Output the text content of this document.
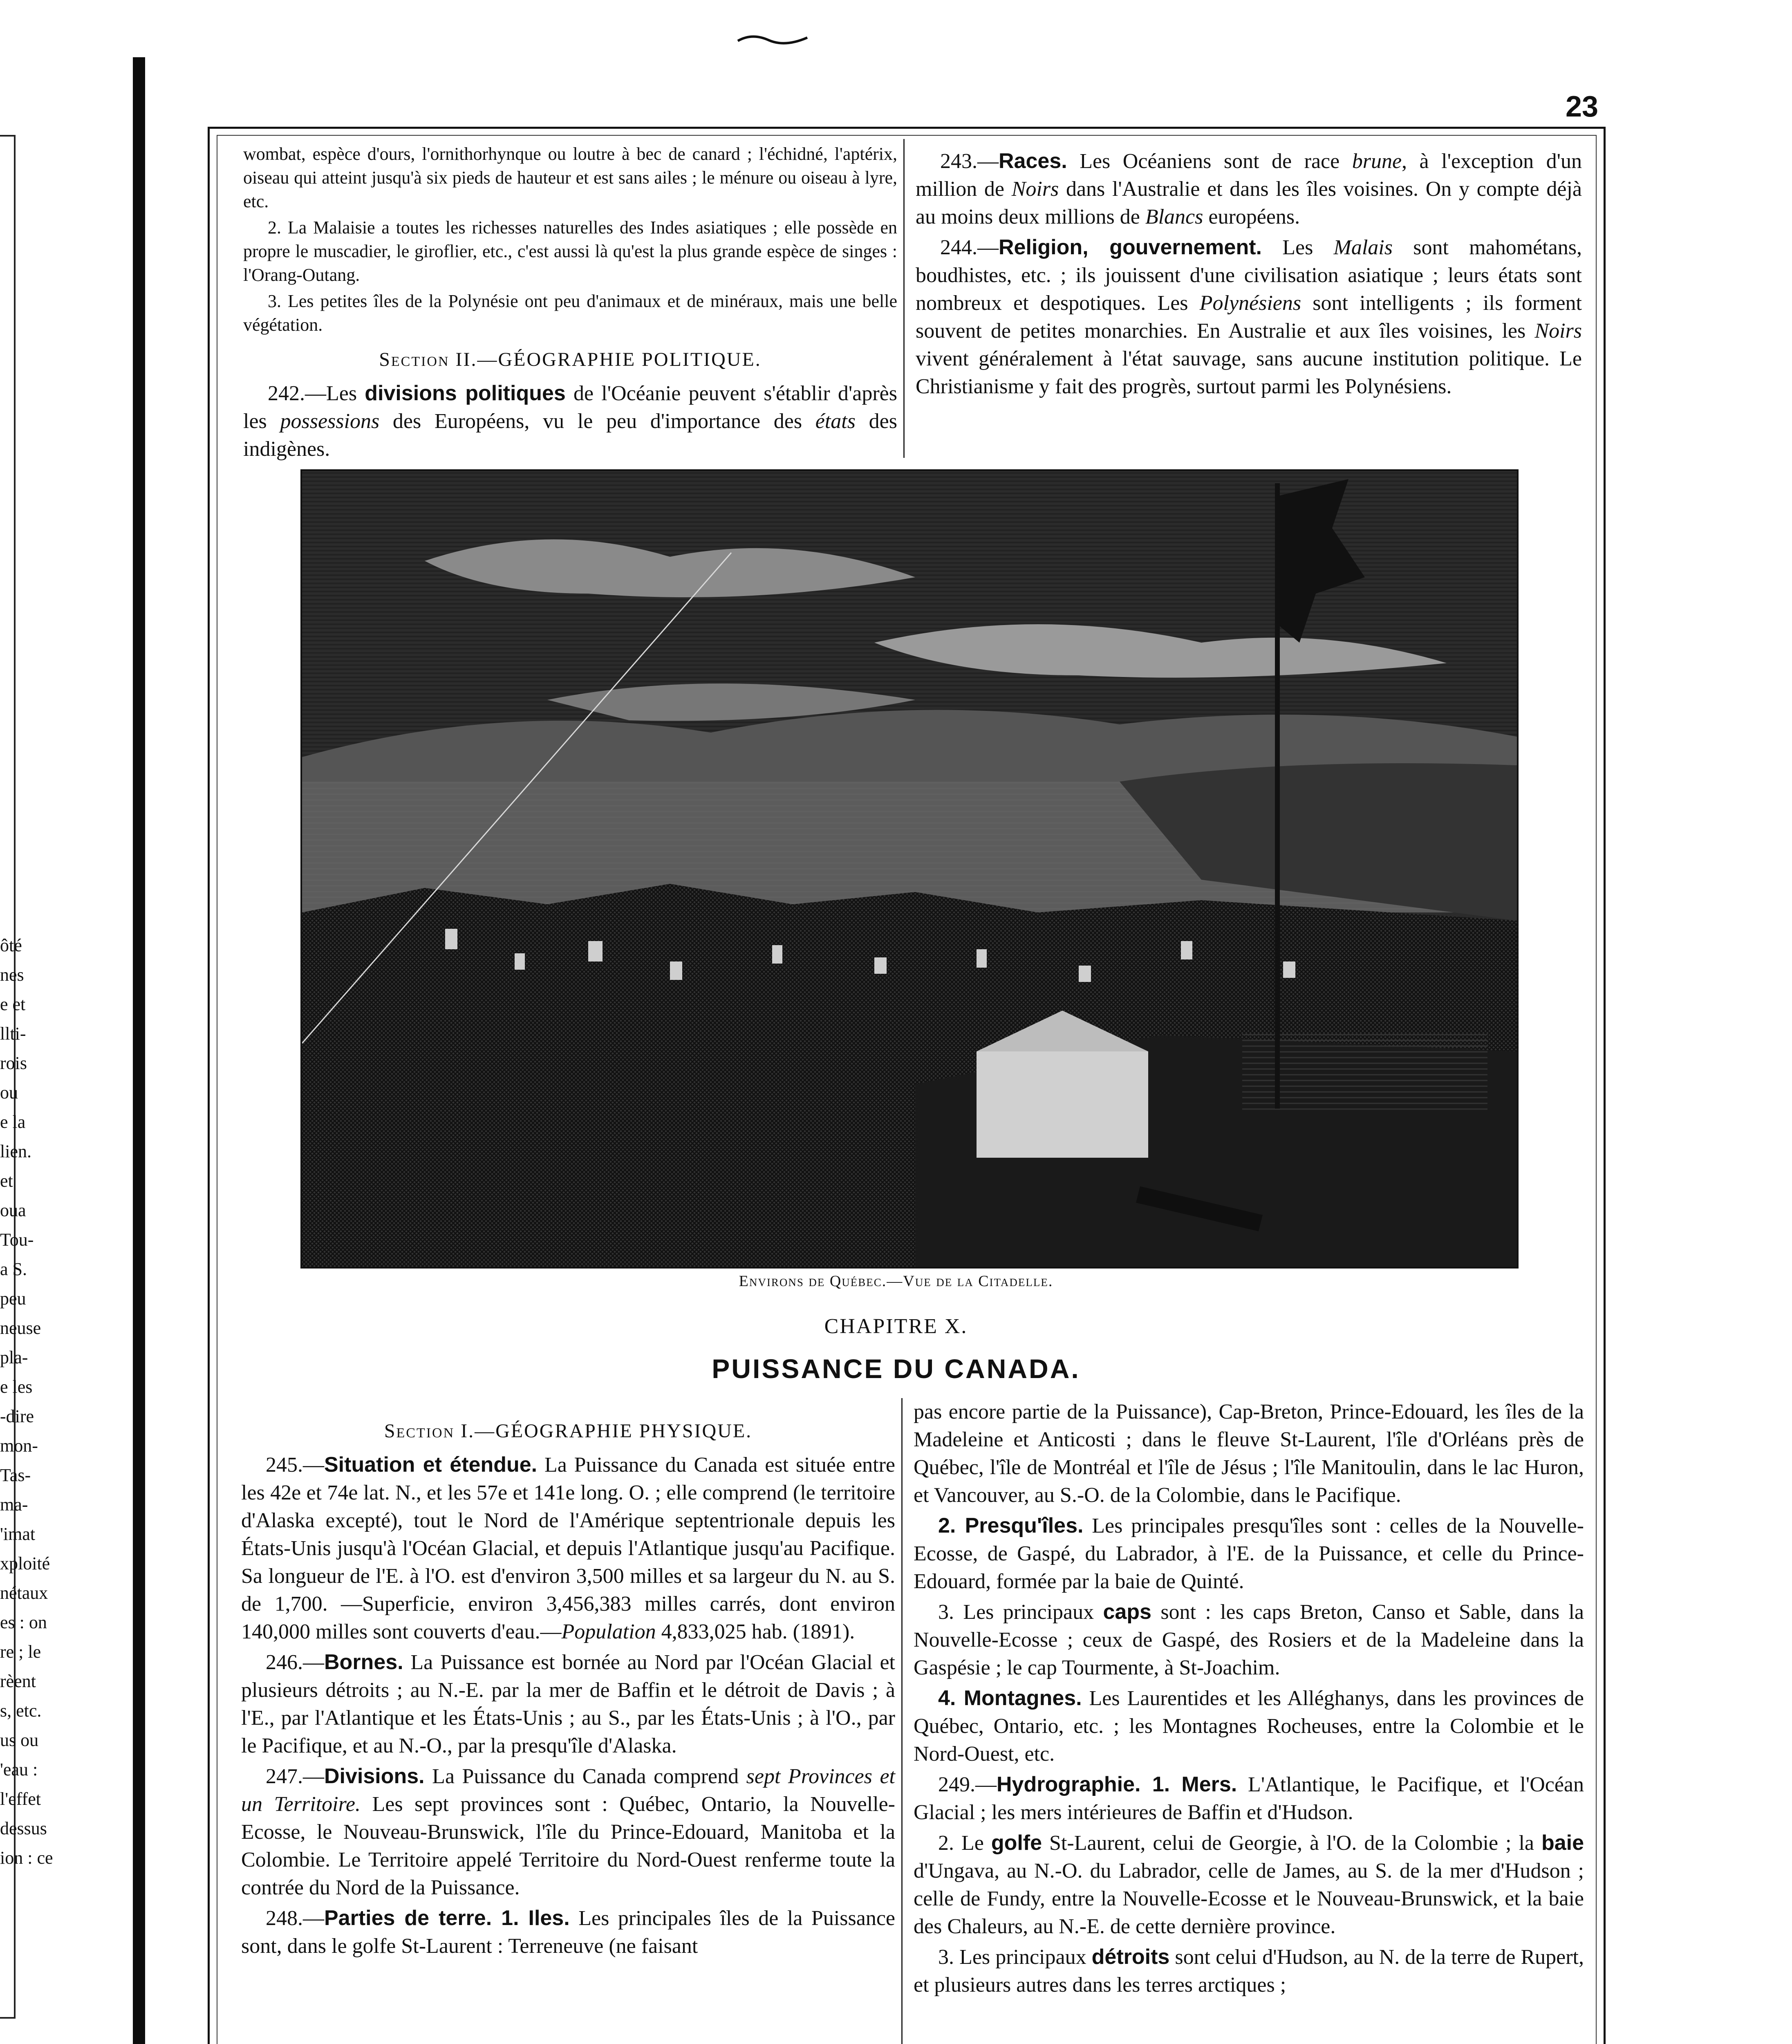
23
ôté
nes
e et
llti-
rois
ou
e la
lien.
et
oua
Tou-
a S.
peu
neuse
pla-
e les
-dire
mon-
Tas-
ma-
'imat
xploité
nétaux
es : on
re ; le
rèent
s, etc.
us ou
'eau :
l'effet
dessus
ion : ce

wombat, espèce d'ours, l'ornithorhynque ou loutre à bec de canard ; l'échidné, l'aptérix, oiseau qui atteint jusqu'à six pieds de hauteur et est sans ailes ; le ménure ou oiseau à lyre, etc.

2. La Malaisie a toutes les richesses naturelles des Indes asiatiques ; elle possède en propre le muscadier, le giroflier, etc., c'est aussi là qu'est la plus grande espèce de singes : l'Orang-Outang.

3. Les petites îles de la Polynésie ont peu d'animaux et de minéraux, mais une belle végétation.

Section II.—GÉOGRAPHIE POLITIQUE.

242.—Les divisions politiques de l'Océanie peuvent s'établir d'après les possessions des Européens, vu le peu d'importance des états des indigènes.

243.—Races. Les Océaniens sont de race brune, à l'exception d'un million de Noirs dans l'Australie et dans les îles voisines. On y compte déjà au moins deux millions de Blancs européens.

244.—Religion, gouvernement. Les Malais sont mahométans, boudhistes, etc. ; ils jouissent d'une civilisation asiatique ; leurs états sont nombreux et despotiques. Les Polynésiens sont intelligents ; ils forment souvent de petites monarchies. En Australie et aux îles voisines, les Noirs vivent généralement à l'état sauvage, sans aucune institution politique. Le Christianisme y fait des progrès, surtout parmi les Polynésiens.

Environs de Québec.—Vue de la Citadelle.
CHAPITRE X.
PUISSANCE DU CANADA.
Section I.—GÉOGRAPHIE PHYSIQUE.

245.—Situation et étendue. La Puissance du Canada est située entre les 42e et 74e lat. N., et les 57e et 141e long. O. ; elle comprend (le territoire d'Alaska excepté), tout le Nord de l'Amérique septentrionale depuis les États-Unis jusqu'à l'Océan Glacial, et depuis l'Atlantique jusqu'au Pacifique. Sa longueur de l'E. à l'O. est d'environ 3,500 milles et sa largeur du N. au S. de 1,700. —Superficie, environ 3,456,383 milles carrés, dont environ 140,000 milles sont couverts d'eau.—Population 4,833,025 hab. (1891).

246.—Bornes. La Puissance est bornée au Nord par l'Océan Glacial et plusieurs détroits ; au N.-E. par la mer de Baffin et le détroit de Davis ; à l'E., par l'Atlantique et les États-Unis ; au S., par les États-Unis ; à l'O., par le Pacifique, et au N.-O., par la presqu'île d'Alaska.

247.—Divisions. La Puissance du Canada comprend sept Provinces et un Territoire. Les sept provinces sont : Québec, Ontario, la Nouvelle-Ecosse, le Nouveau-Brunswick, l'île du Prince-Edouard, Manitoba et la Colombie. Le Territoire appelé Territoire du Nord-Ouest renferme toute la contrée du Nord de la Puissance.

248.—Parties de terre. 1. Iles. Les principales îles de la Puissance sont, dans le golfe St-Laurent : Terreneuve (ne faisant

pas encore partie de la Puissance), Cap-Breton, Prince-Edouard, les îles de la Madeleine et Anticosti ; dans le fleuve St-Laurent, l'île d'Orléans près de Québec, l'île de Montréal et l'île de Jésus ; l'île Manitoulin, dans le lac Huron, et Vancouver, au S.-O. de la Colombie, dans le Pacifique.

2. Presqu'îles. Les principales presqu'îles sont : celles de la Nouvelle-Ecosse, de Gaspé, du Labrador, à l'E. de la Puissance, et celle du Prince-Edouard, formée par la baie de Quinté.

3. Les principaux caps sont : les caps Breton, Canso et Sable, dans la Nouvelle-Ecosse ; ceux de Gaspé, des Rosiers et de la Madeleine dans la Gaspésie ; le cap Tourmente, à St-Joachim.

4. Montagnes. Les Laurentides et les Alléghanys, dans les provinces de Québec, Ontario, etc. ; les Montagnes Rocheuses, entre la Colombie et le Nord-Ouest, etc.

249.—Hydrographie. 1. Mers. L'Atlantique, le Pacifique, et l'Océan Glacial ; les mers intérieures de Baffin et d'Hudson.

2. Le golfe St-Laurent, celui de Georgie, à l'O. de la Colombie ; la baie d'Ungava, au N.-O. du Labrador, celle de James, au S. de la mer d'Hudson ; celle de Fundy, entre la Nouvelle-Ecosse et le Nouveau-Brunswick, et la baie des Chaleurs, au N.-E. de cette dernière province.

3. Les principaux détroits sont celui d'Hudson, au N. de la terre de Rupert, et plusieurs autres dans les terres arctiques ;
